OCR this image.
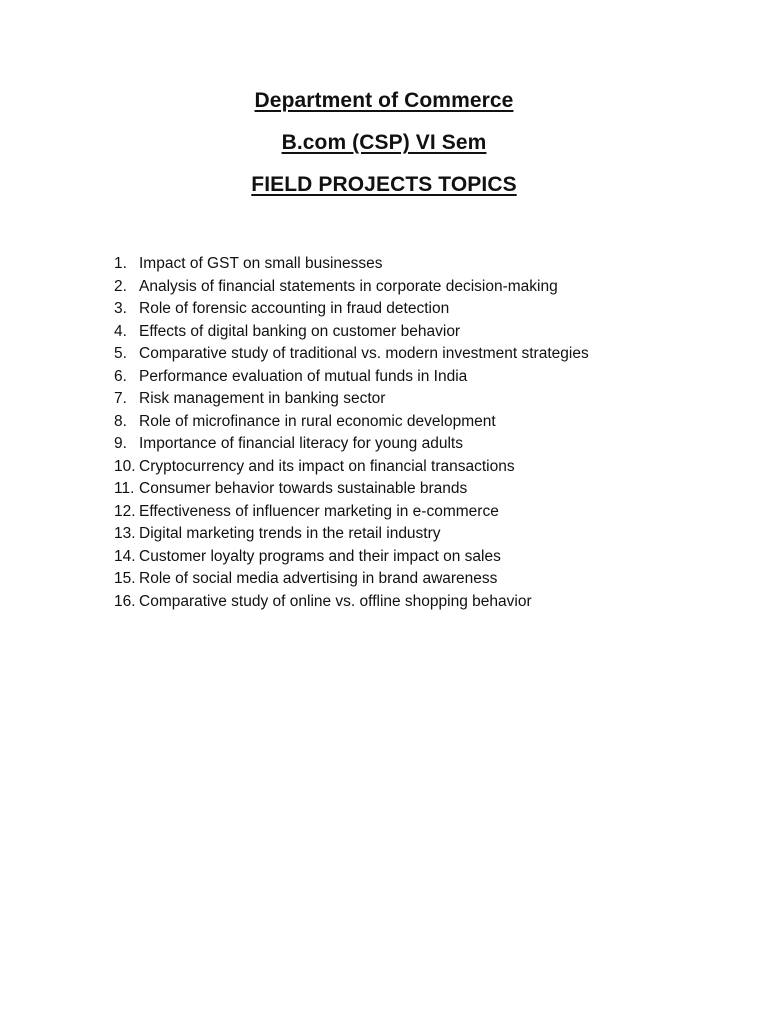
Department of Commerce
B.com (CSP) VI Sem
FIELD PROJECTS TOPICS
1. Impact of GST on small businesses
2. Analysis of financial statements in corporate decision-making
3. Role of forensic accounting in fraud detection
4. Effects of digital banking on customer behavior
5. Comparative study of traditional vs. modern investment strategies
6. Performance evaluation of mutual funds in India
7. Risk management in banking sector
8. Role of microfinance in rural economic development
9. Importance of financial literacy for young adults
10. Cryptocurrency and its impact on financial transactions
11. Consumer behavior towards sustainable brands
12. Effectiveness of influencer marketing in e-commerce
13. Digital marketing trends in the retail industry
14. Customer loyalty programs and their impact on sales
15. Role of social media advertising in brand awareness
16. Comparative study of online vs. offline shopping behavior
